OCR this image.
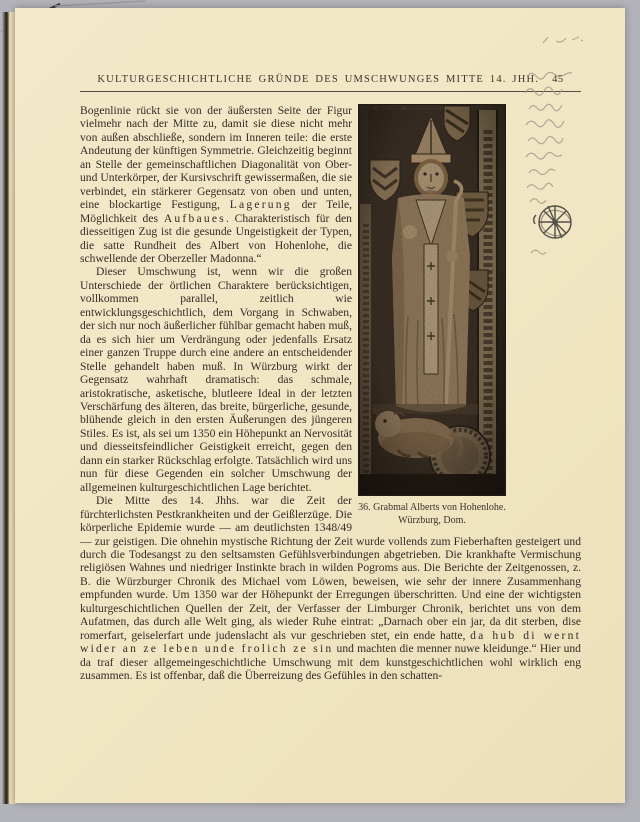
KULTURGESCHICHTLICHE GRÜNDE DES UMSCHWUNGES MITTE 14. JHH. 45
36. Grabmal Alberts von Hohenlohe.
Würzburg, Dom.

Bogenlinie rückt sie von der äußersten Seite der Figur vielmehr nach der Mitte zu, damit sie diese nicht mehr von außen abschließe, sondern im Inneren teile: die erste Andeutung der künftigen Symmetrie. Gleichzeitig beginnt an Stelle der gemeinschaftlichen Diagonalität von Ober- und Unterkörper, der Kursivschrift gewissermaßen, die sie verbindet, ein stärkerer Gegensatz von oben und unten, eine blockartige Festigung, Lagerung der Teile, Möglichkeit des Aufbaues. Charakteristisch für den diesseitigen Zug ist die gesunde Ungeistigkeit der Typen, die satte Rundheit des Albert von Hohenlohe, die schwellende der Oberzeller Madonna.“

Dieser Umschwung ist, wenn wir die großen Unterschiede der örtlichen Charaktere berücksichtigen, vollkommen parallel, zeitlich wie entwicklungsgeschichtlich, dem Vorgang in Schwaben, der sich nur noch äußerlicher fühlbar gemacht haben muß, da es sich hier um Verdrängung oder jedenfalls Ersatz einer ganzen Truppe durch eine andere an entscheidender Stelle gehandelt haben muß. In Würzburg wirkt der Gegensatz wahrhaft dramatisch: das schmale, aristokratische, asketische, blutleere Ideal in der letzten Verschärfung des älteren, das breite, bürgerliche, gesunde, blühende gleich in den ersten Äußerungen des jüngeren Stiles. Es ist, als sei um 1350 ein Höhepunkt an Nervosität und diesseitsfeindlicher Geistigkeit erreicht, gegen den dann ein starker Rückschlag erfolgte. Tatsächlich wird uns nun für diese Gegenden ein solcher Umschwung der allgemeinen kulturgeschichtlichen Lage berichtet.

Die Mitte des 14. Jhhs. war die Zeit der fürchterlichsten Pestkrankheiten und der Geißlerzüge. Die körperliche Epidemie wurde — am deutlichsten 1348/49 — zur geistigen. Die ohnehin mystische Richtung der Zeit wurde vollends zum Fieberhaften gesteigert und durch die Todesangst zu den seltsamsten Gefühlsverbindungen abgetrieben. Die krankhafte Vermischung religiösen Wahnes und niedriger Instinkte brach in wilden Pogroms aus. Die Berichte der Zeitgenossen, z. B. die Würzburger Chronik des Michael vom Löwen, beweisen, wie sehr der innere Zusammenhang empfunden wurde. Um 1350 war der Höhepunkt der Erregungen überschritten. Und eine der wichtigsten kulturgeschichtlichen Quellen der Zeit, der Verfasser der Limburger Chronik, berichtet uns von dem Aufatmen, das durch alle Welt ging, als wieder Ruhe eintrat: „Darnach ober ein jar, da dit sterben, dise romerfart, geiselerfart unde judenslacht als vur geschrieben stet, ein ende hatte, da hub di wernt wider an ze leben unde frolich ze sin und machten die menner nuwe kleidunge.“ Hier und da traf dieser allgemeingeschichtliche Umschwung mit dem kunstgeschichtlichen wohl wirklich eng zusammen. Es ist offenbar, daß die Überreizung des Gefühles in den schatten-
